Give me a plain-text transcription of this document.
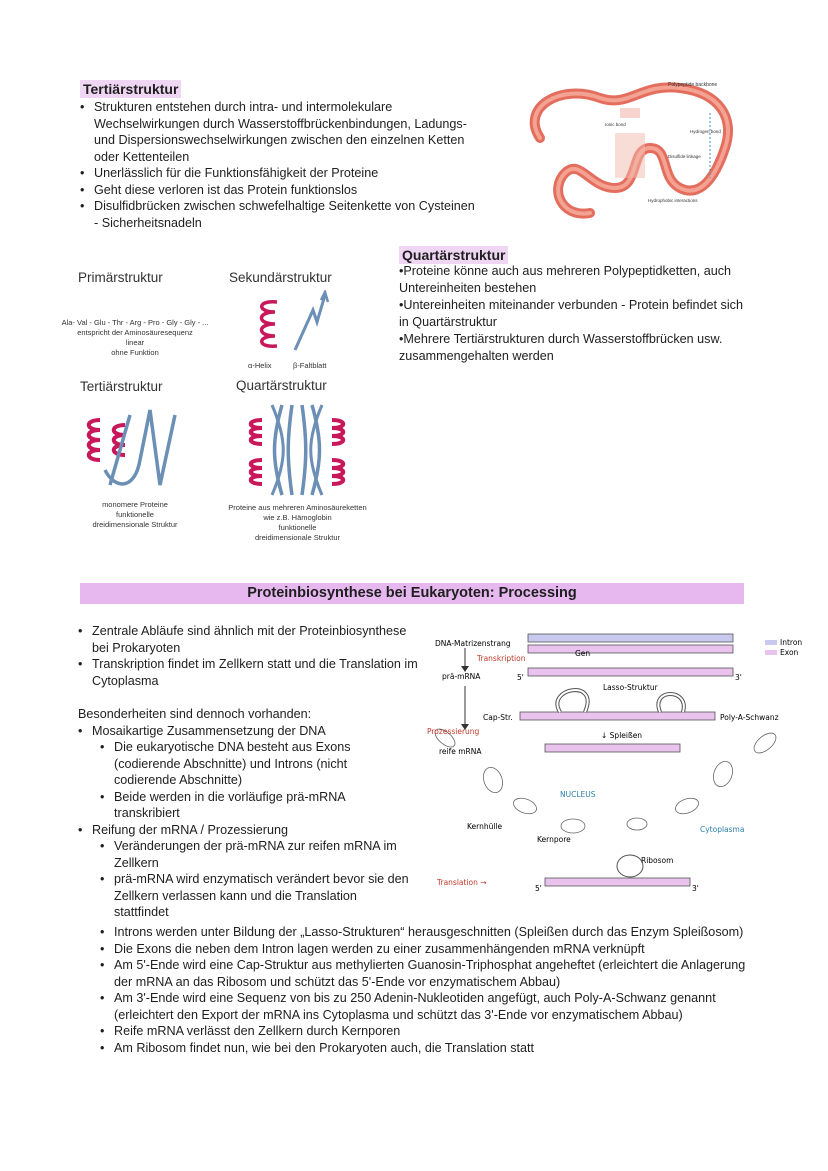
Tertiärstruktur
• Strukturen entstehen durch intra- und intermolekulare Wechselwirkungen durch Wasserstoffbrückenbindungen, Ladungs- und Dispersionswechselwirkungen zwischen den einzelnen Ketten oder Kettenteilen
• Unerlässlich für die Funktionsfähigkeit der Proteine
• Geht diese verloren ist das Protein funktionslos
• Disulfidbrücken zwischen schwefelhaltige Seitenkette von Cysteinen - Sicherheitsnadeln
Polypeptide backbone
Ionic bond
Hydrogen bond
Disulfide linkage
Hydrophobic interactions
Quartärstruktur
•Proteine könne auch aus mehreren Polypeptidketten, auch Untereinheiten bestehen
•Untereinheiten miteinander verbunden - Protein befindet sich in Quartärstruktur
•Mehrere Tertiärstrukturen durch Wasserstoffbrücken usw. zusammengehalten werden
Primärstruktur	Sekundärstruktur
Ala- Val - Glu - Thr - Arg - Pro - Gly - Gly - ...
entspricht der Aminosäuresequenz
linear
ohne Funktion
α-Helix	β-Faltblatt
Tertiärstruktur	Quartärstruktur
monomere Proteine
funktionelle
dreidimensionale Struktur
Proteine aus mehreren Aminosäureketten
wie z.B. Hämoglobin
funktionelle
dreidimensionale Struktur
Proteinbiosynthese bei Eukaryoten: Processing
• Zentrale Abläufe sind ähnlich mit der Proteinbiosynthese bei Prokaryoten
• Transkription findet im Zellkern statt und die Translation im Cytoplasma
Besonderheiten sind dennoch vorhanden:
• Mosaikartige Zusammensetzung der DNA
• Die eukaryotische DNA besteht aus Exons (codierende Abschnitte) und Introns (nicht codierende Abschnitte)
• Beide werden in die vorläufige prä-mRNA transkribiert
• Reifung der mRNA / Prozessierung
• Veränderungen der prä-mRNA zur reifen mRNA im Zellkern
• prä-mRNA wird enzymatisch verändert bevor sie den Zellkern verlassen kann und die Translation stattfindet
• Introns werden unter Bildung der „Lasso-Strukturen“ herausgeschnitten (Spleißen durch das Enzym Spleißosom)
• Die Exons die neben dem Intron lagen werden zu einer zusammenhängenden mRNA verknüpft
• Am 5'-Ende wird eine Cap-Struktur aus methylierten Guanosin-Triphosphat angeheftet (erleichtert die Anlagerung der mRNA an das Ribosom und schützt das 5'-Ende vor enzymatischem Abbau)
• Am 3'-Ende wird eine Sequenz von bis zu 250 Adenin-Nukleotiden angefügt, auch Poly-A-Schwanz genannt (erleichtert den Export der mRNA ins Cytoplasma und schützt das 3'-Ende vor enzymatischem Abbau)
• Reife mRNA verlässt den Zellkern durch Kernporen
• Am Ribosom findet nun, wie bei den Prokaryoten auch, die Translation statt
Intron
Exon
DNA-Matrizenstrang
Gen
Transkription
prä-mRNA	5'	3'
Lasso-Struktur
Cap-Str.	Poly-A-Schwanz
Prozessierung
reife mRNA
↓ Spleißen
NUCLEUS
Cytoplasma
Kernhülle
Kernpore
Ribosom
Translation →
5'	3'
